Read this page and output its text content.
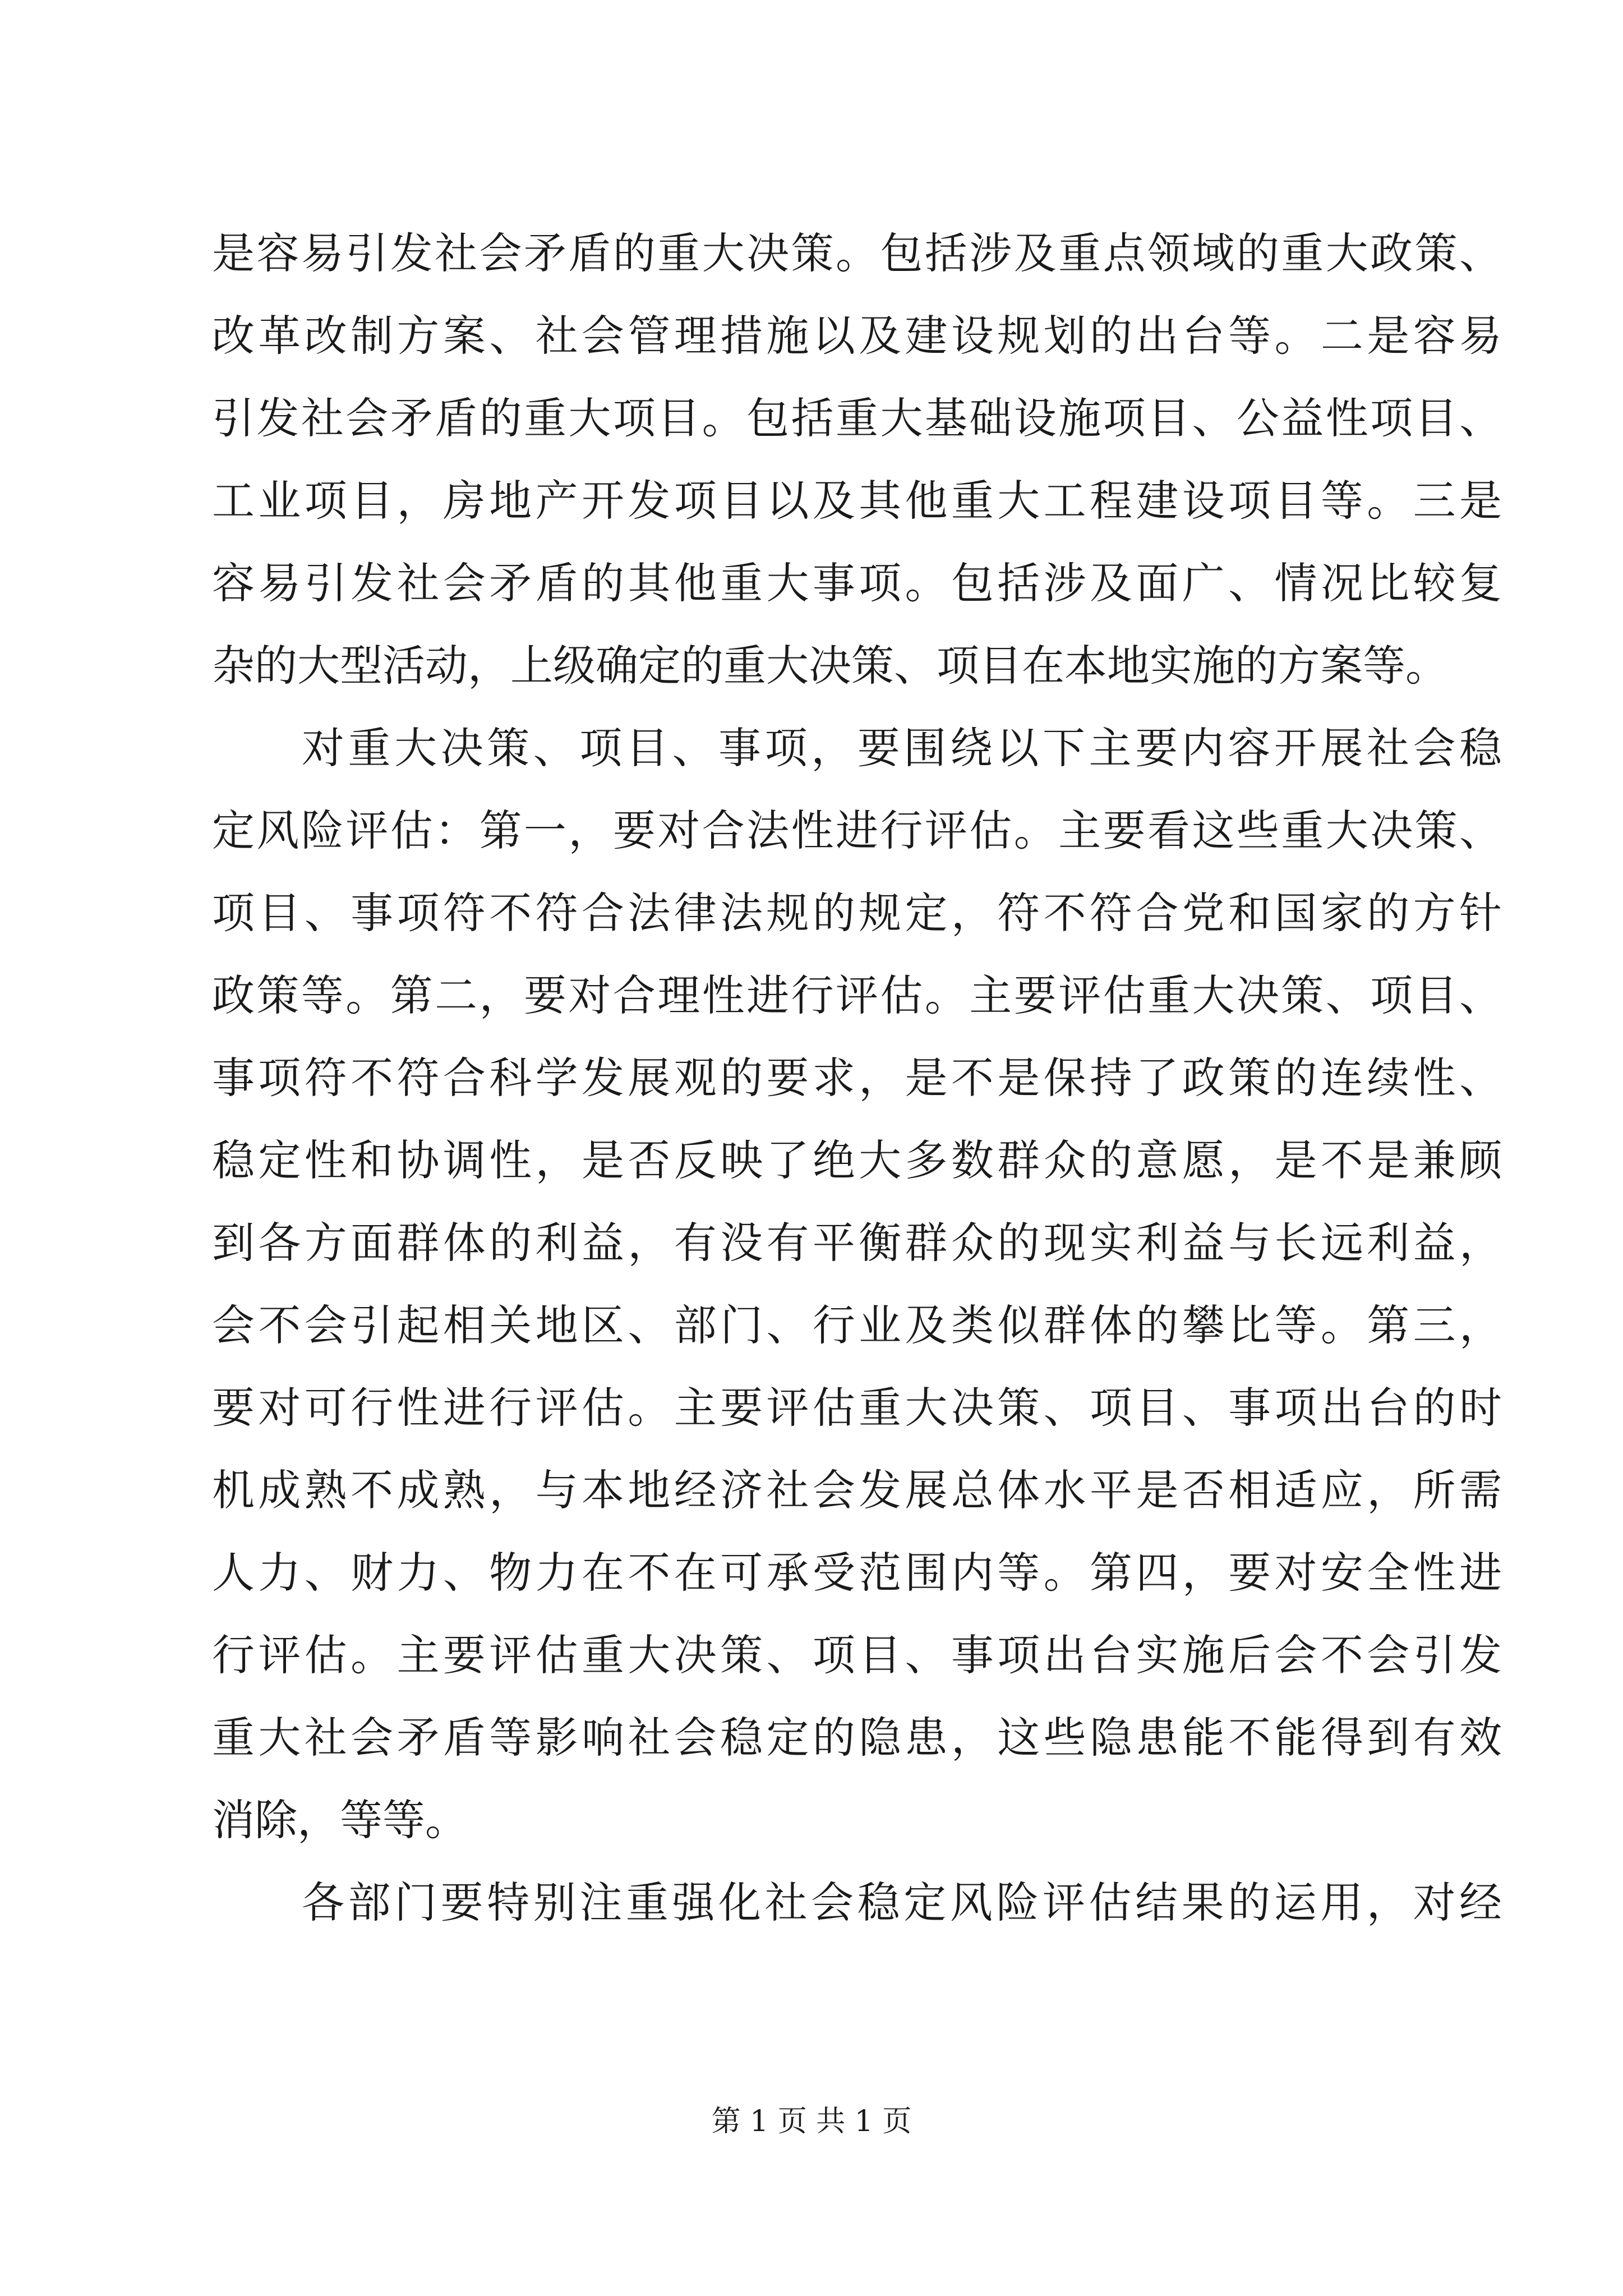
是容易引发社会矛盾的重大决策。包括涉及重点领域的重大政策、
改革改制方案、社会管理措施以及建设规划的出台等。二是容易
引发社会矛盾的重大项目。包括重大基础设施项目、公益性项目、
工业项目，房地产开发项目以及其他重大工程建设项目等。三是
容易引发社会矛盾的其他重大事项。包括涉及面广、情况比较复
杂的大型活动，上级确定的重大决策、项目在本地实施的方案等。
对重大决策、项目、事项，要围绕以下主要内容开展社会稳
定风险评估：第一，要对合法性进行评估。主要看这些重大决策、
项目、事项符不符合法律法规的规定，符不符合党和国家的方针
政策等。第二，要对合理性进行评估。主要评估重大决策、项目、
事项符不符合科学发展观的要求，是不是保持了政策的连续性、
稳定性和协调性，是否反映了绝大多数群众的意愿，是不是兼顾
到各方面群体的利益，有没有平衡群众的现实利益与长远利益，
会不会引起相关地区、部门、行业及类似群体的攀比等。第三，
要对可行性进行评估。主要评估重大决策、项目、事项出台的时
机成熟不成熟，与本地经济社会发展总体水平是否相适应，所需
人力、财力、物力在不在可承受范围内等。第四，要对安全性进
行评估。主要评估重大决策、项目、事项出台实施后会不会引发
重大社会矛盾等影响社会稳定的隐患，这些隐患能不能得到有效
消除，等等。
各部门要特别注重强化社会稳定风险评估结果的运用，对经
第 1 页 共 1 页
